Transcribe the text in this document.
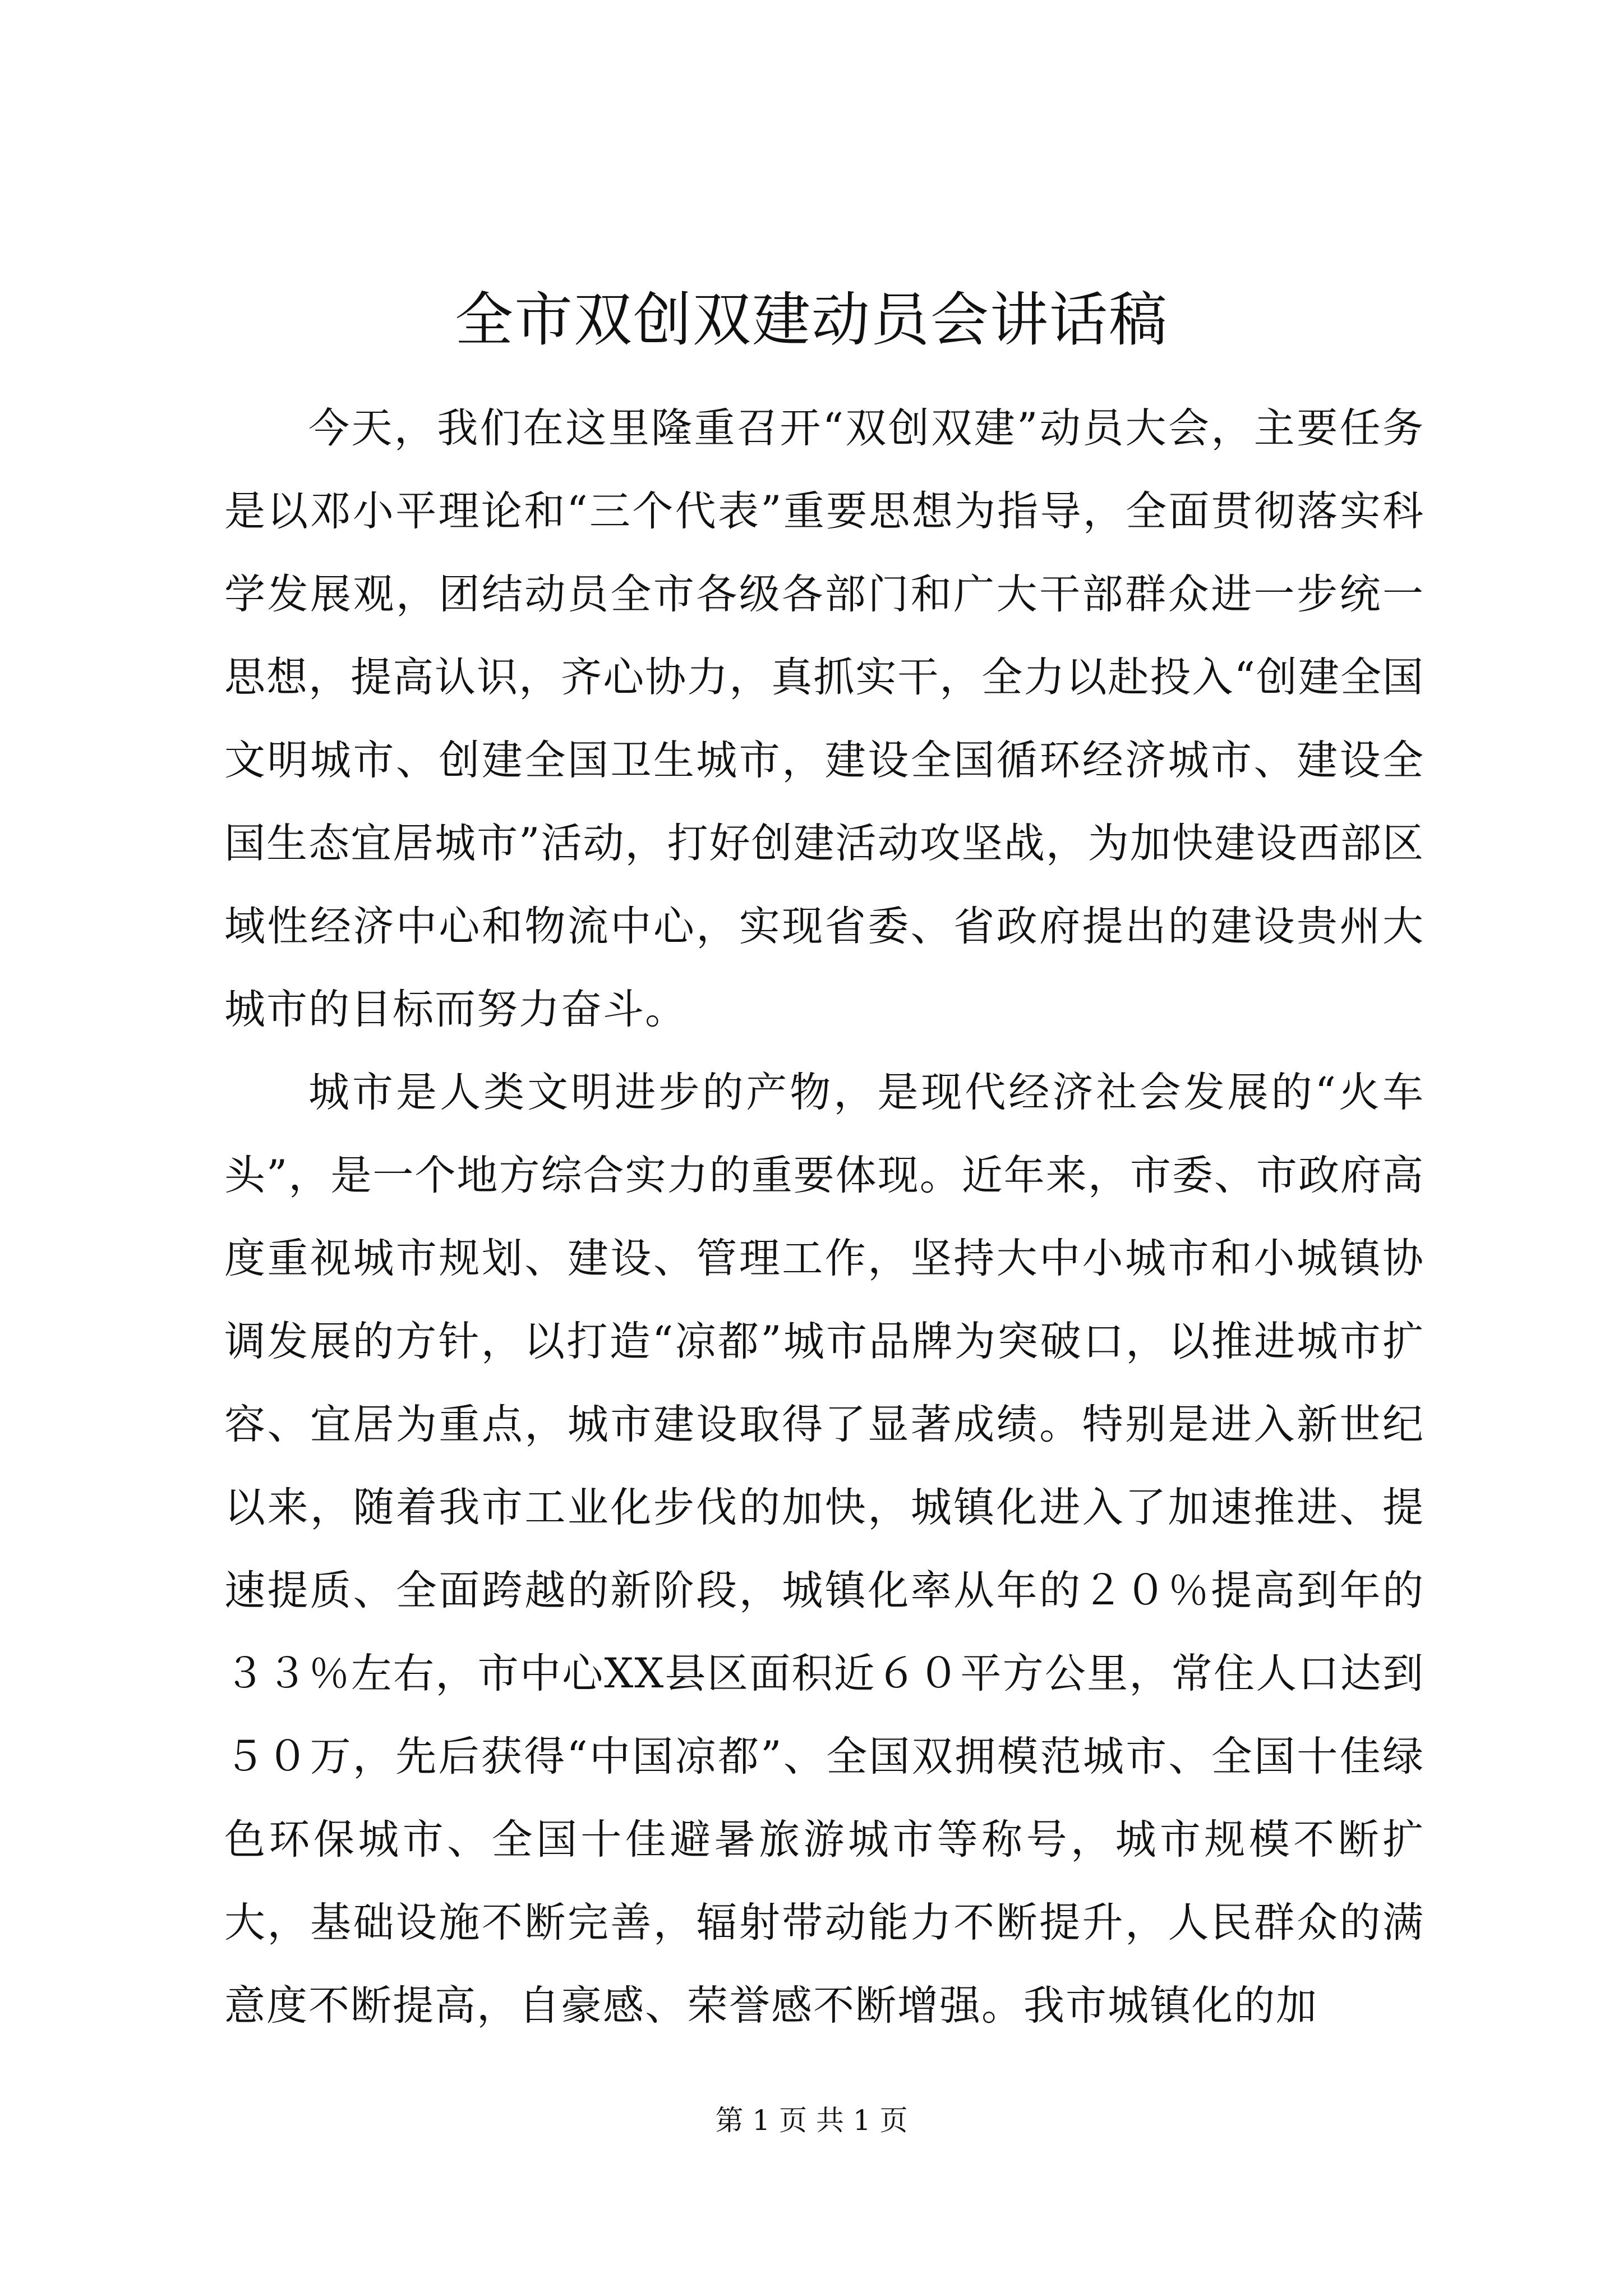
全市双创双建动员会讲话稿

今天，我们在这里隆重召开“双创双建”动员大会，主要任务是以邓小平理论和“三个代表”重要思想为指导，全面贯彻落实科学发展观，团结动员全市各级各部门和广大干部群众进一步统一思想，提高认识，齐心协力，真抓实干，全力以赴投入“创建全国文明城市、创建全国卫生城市，建设全国循环经济城市、建设全国生态宜居城市”活动，打好创建活动攻坚战，为加快建设西部区域性经济中心和物流中心，实现省委、省政府提出的建设贵州大城市的目标而努力奋斗。

城市是人类文明进步的产物，是现代经济社会发展的“火车头”，是一个地方综合实力的重要体现。近年来，市委、市政府高度重视城市规划、建设、管理工作，坚持大中小城市和小城镇协调发展的方针，以打造“凉都”城市品牌为突破口，以推进城市扩容、宜居为重点，城市建设取得了显著成绩。特别是进入新世纪以来，随着我市工业化步伐的加快，城镇化进入了加速推进、提速提质、全面跨越的新阶段，城镇化率从年的２０％提高到年的３３％左右，市中心XX县区面积近６０平方公里，常住人口达到５０万，先后获得“中国凉都”、全国双拥模范城市、全国十佳绿色环保城市、全国十佳避暑旅游城市等称号，城市规模不断扩大，基础设施不断完善，辐射带动能力不断提升，人民群众的满意度不断提高，自豪感、荣誉感不断增强。我市城镇化的加

第 1 页 共 1 页
